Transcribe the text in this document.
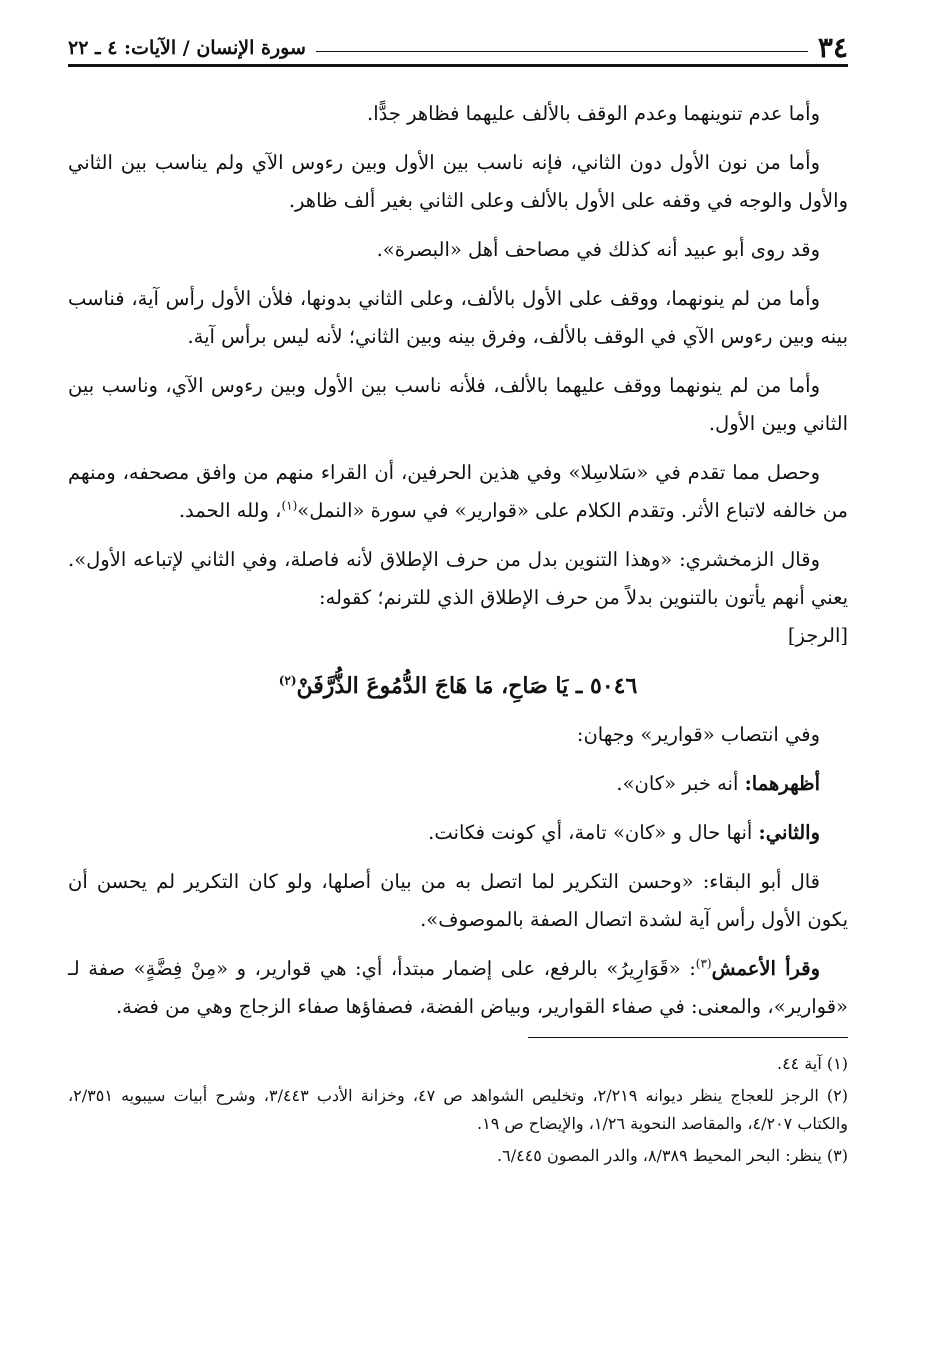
٣٤
سورة الإنسان / الآيات: ٤ ـ ٢٢

وأما عدم تنوينهما وعدم الوقف بالألف عليهما فظاهر جدًّا.

وأما من نون الأول دون الثاني، فإنه ناسب بين الأول وبين رءوس الآي ولم يناسب بين الثاني والأول والوجه في وقفه على الأول بالألف وعلى الثاني بغير ألف ظاهر.

وقد روى أبو عبيد أنه كذلك في مصاحف أهل «البصرة».

وأما من لم ينونهما، ووقف على الأول بالألف، وعلى الثاني بدونها، فلأن الأول رأس آية، فناسب بينه وبين رءوس الآي في الوقف بالألف، وفرق بينه وبين الثاني؛ لأنه ليس برأس آية.

وأما من لم ينونهما ووقف عليهما بالألف، فلأنه ناسب بين الأول وبين رءوس الآي، وناسب بين الثاني وبين الأول.

وحصل مما تقدم في «سَلاسِلا» وفي هذين الحرفين، أن القراء منهم من وافق مصحفه، ومنهم من خالفه لاتباع الأثر. وتقدم الكلام على «قوارير» في سورة «النمل»$^{(١)}$، ولله الحمد.

وقال الزمخشري: «وهذا التنوين بدل من حرف الإطلاق لأنه فاصلة، وفي الثاني لإتباعه الأول». يعني أنهم يأتون بالتنوين بدلاً من حرف الإطلاق الذي للترنم؛ كقوله:

[الرجز]

٥٠٤٦ ـ يَا صَاحِ، مَا هَاجَ الدُّمُوعَ الذُّرَّفَنْ$^{(٢)}$

وفي انتصاب «قوارير» وجهان:

أظهرهما: أنه خبر «كان».

والثاني: أنها حال و «كان» تامة، أي كونت فكانت.

قال أبو البقاء: «وحسن التكرير لما اتصل به من بيان أصلها، ولو كان التكرير لم يحسن أن يكون الأول رأس آية لشدة اتصال الصفة بالموصوف».

وقرأ الأعمش$^{(٣)}$: «قَوَارِيرُ» بالرفع، على إضمار مبتدأ، أي: هي قوارير، و «مِنْ فِضَّةٍ» صفة لـ «قوارير»، والمعنى: في صفاء القوارير، وبياض الفضة، فصفاؤها صفاء الزجاج وهي من فضة.

(١) آية ٤٤.
(٢) الرجز للعجاج ينظر ديوانه ٢/٢١٩، وتخليص الشواهد ص ٤٧، وخزانة الأدب ٣/٤٤٣، وشرح أبيات سيبويه ٢/٣٥١، والكتاب ٤/٢٠٧، والمقاصد النحوية ١/٢٦، والإيضاح ص ١٩.
(٣) ينظر: البحر المحيط ٨/٣٨٩، والدر المصون ٦/٤٤٥.
